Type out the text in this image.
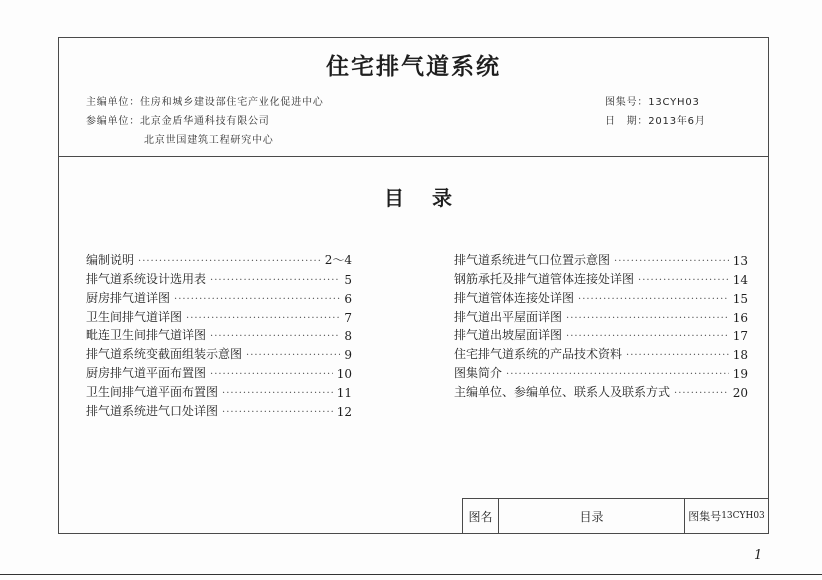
住宅排气道系统
主编单位：住房和城乡建设部住宅产业化促进中心
参编单位：北京金盾华通科技有限公司
北京世国建筑工程研究中心
图集号：13CYH03
日　期：2013年6月
目录
编制说明 ·····	2～4
排气道系统设计选用表 ·····	5
厨房排气道详图 ·····	6
卫生间排气道详图 ·····	7
毗连卫生间排气道详图 ·····	8
排气道系统变截面组装示意图 ·····	9
厨房排气道平面布置图 ·····	10
卫生间排气道平面布置图 ·····	11
排气道系统进气口处详图 ·····	12
排气道系统进气口位置示意图 ·····	13
钢筋承托及排气道管体连接处详图 ·····	14
排气道管体连接处详图 ·····	15
排气道出平屋面详图 ·····	16
排气道出坡屋面详图 ·····	17
住宅排气道系统的产品技术资料 ·····	18
图集简介 ·····	19
主编单位、参编单位、联系人及联系方式 ·····	20
图名	目录	图集号 13CYH03
1
